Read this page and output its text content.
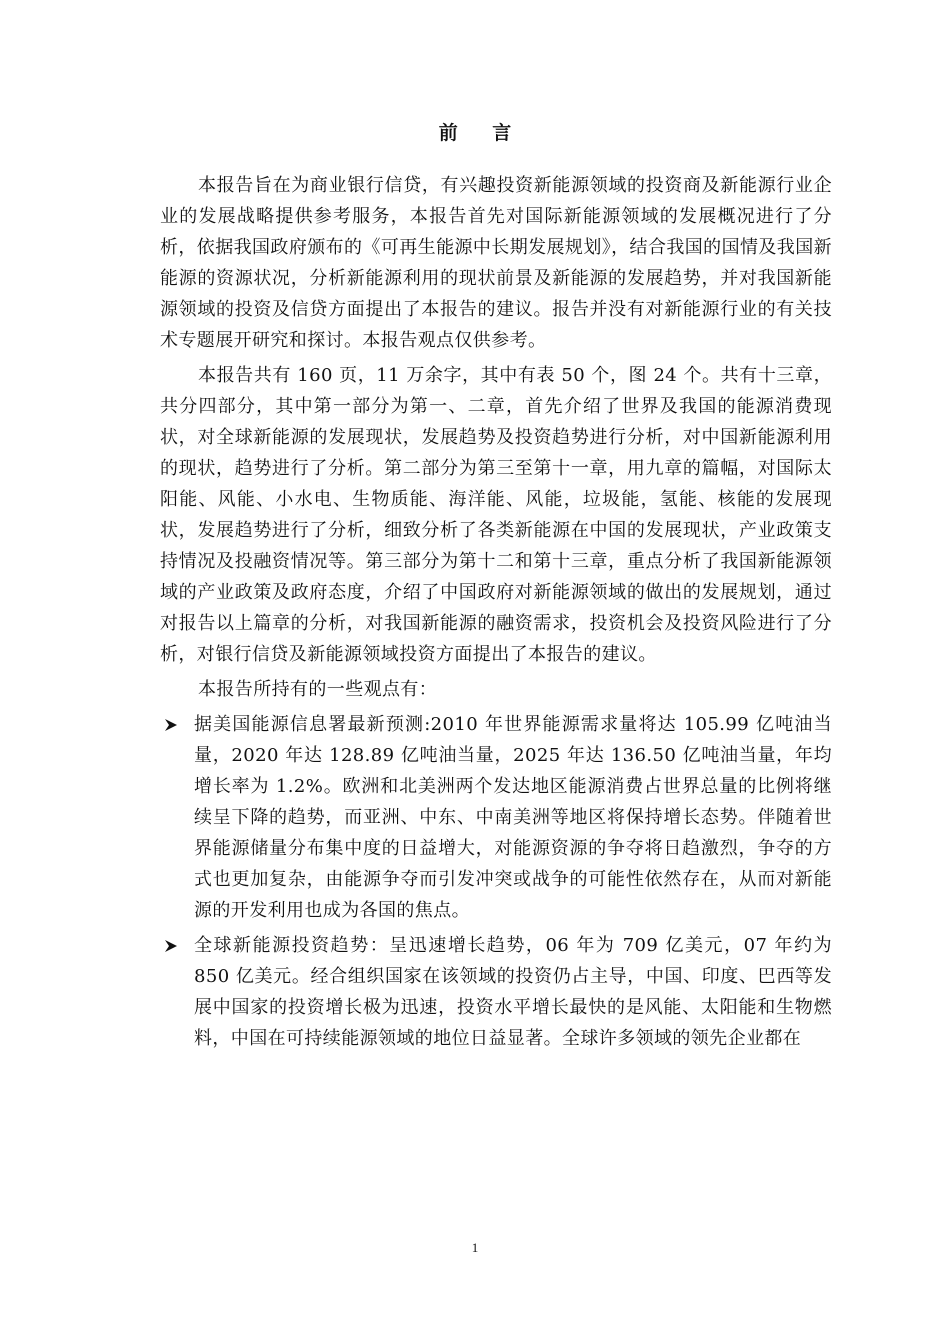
前 言

本报告旨在为商业银行信贷，有兴趣投资新能源领域的投资商及新能源行业企业的发展战略提供参考服务，本报告首先对国际新能源领域的发展概况进行了分析，依据我国政府颁布的《可再生能源中长期发展规划》，结合我国的国情及我国新能源的资源状况，分析新能源利用的现状前景及新能源的发展趋势，并对我国新能源领域的投资及信贷方面提出了本报告的建议。报告并没有对新能源行业的有关技术专题展开研究和探讨。本报告观点仅供参考。

本报告共有 160 页，11 万余字，其中有表 50 个，图 24 个。共有十三章，共分四部分，其中第一部分为第一、二章，首先介绍了世界及我国的能源消费现状，对全球新能源的发展现状，发展趋势及投资趋势进行分析，对中国新能源利用的现状，趋势进行了分析。第二部分为第三至第十一章，用九章的篇幅，对国际太阳能、风能、小水电、生物质能、海洋能、风能，垃圾能，氢能、核能的发展现状，发展趋势进行了分析，细致分析了各类新能源在中国的发展现状，产业政策支持情况及投融资情况等。第三部分为第十二和第十三章，重点分析了我国新能源领域的产业政策及政府态度，介绍了中国政府对新能源领域的做出的发展规划，通过对报告以上篇章的分析，对我国新能源的融资需求，投资机会及投资风险进行了分析，对银行信贷及新能源领域投资方面提出了本报告的建议。

本报告所持有的一些观点有：

据美国能源信息署最新预测:2010 年世界能源需求量将达 105.99 亿吨油当量，2020 年达 128.89 亿吨油当量，2025 年达 136.50 亿吨油当量，年均增长率为 1.2%。欧洲和北美洲两个发达地区能源消费占世界总量的比例将继续呈下降的趋势，而亚洲、中东、中南美洲等地区将保持增长态势。伴随着世界能源储量分布集中度的日益增大，对能源资源的争夺将日趋激烈，争夺的方式也更加复杂，由能源争夺而引发冲突或战争的可能性依然存在，从而对新能源的开发利用也成为各国的焦点。
全球新能源投资趋势：呈迅速增长趋势，06 年为 709 亿美元，07 年约为 850 亿美元。经合组织国家在该领域的投资仍占主导，中国、印度、巴西等发展中国家的投资增长极为迅速，投资水平增长最快的是风能、太阳能和生物燃料，中国在可持续能源领域的地位日益显著。全球许多领域的领先企业都在
1
